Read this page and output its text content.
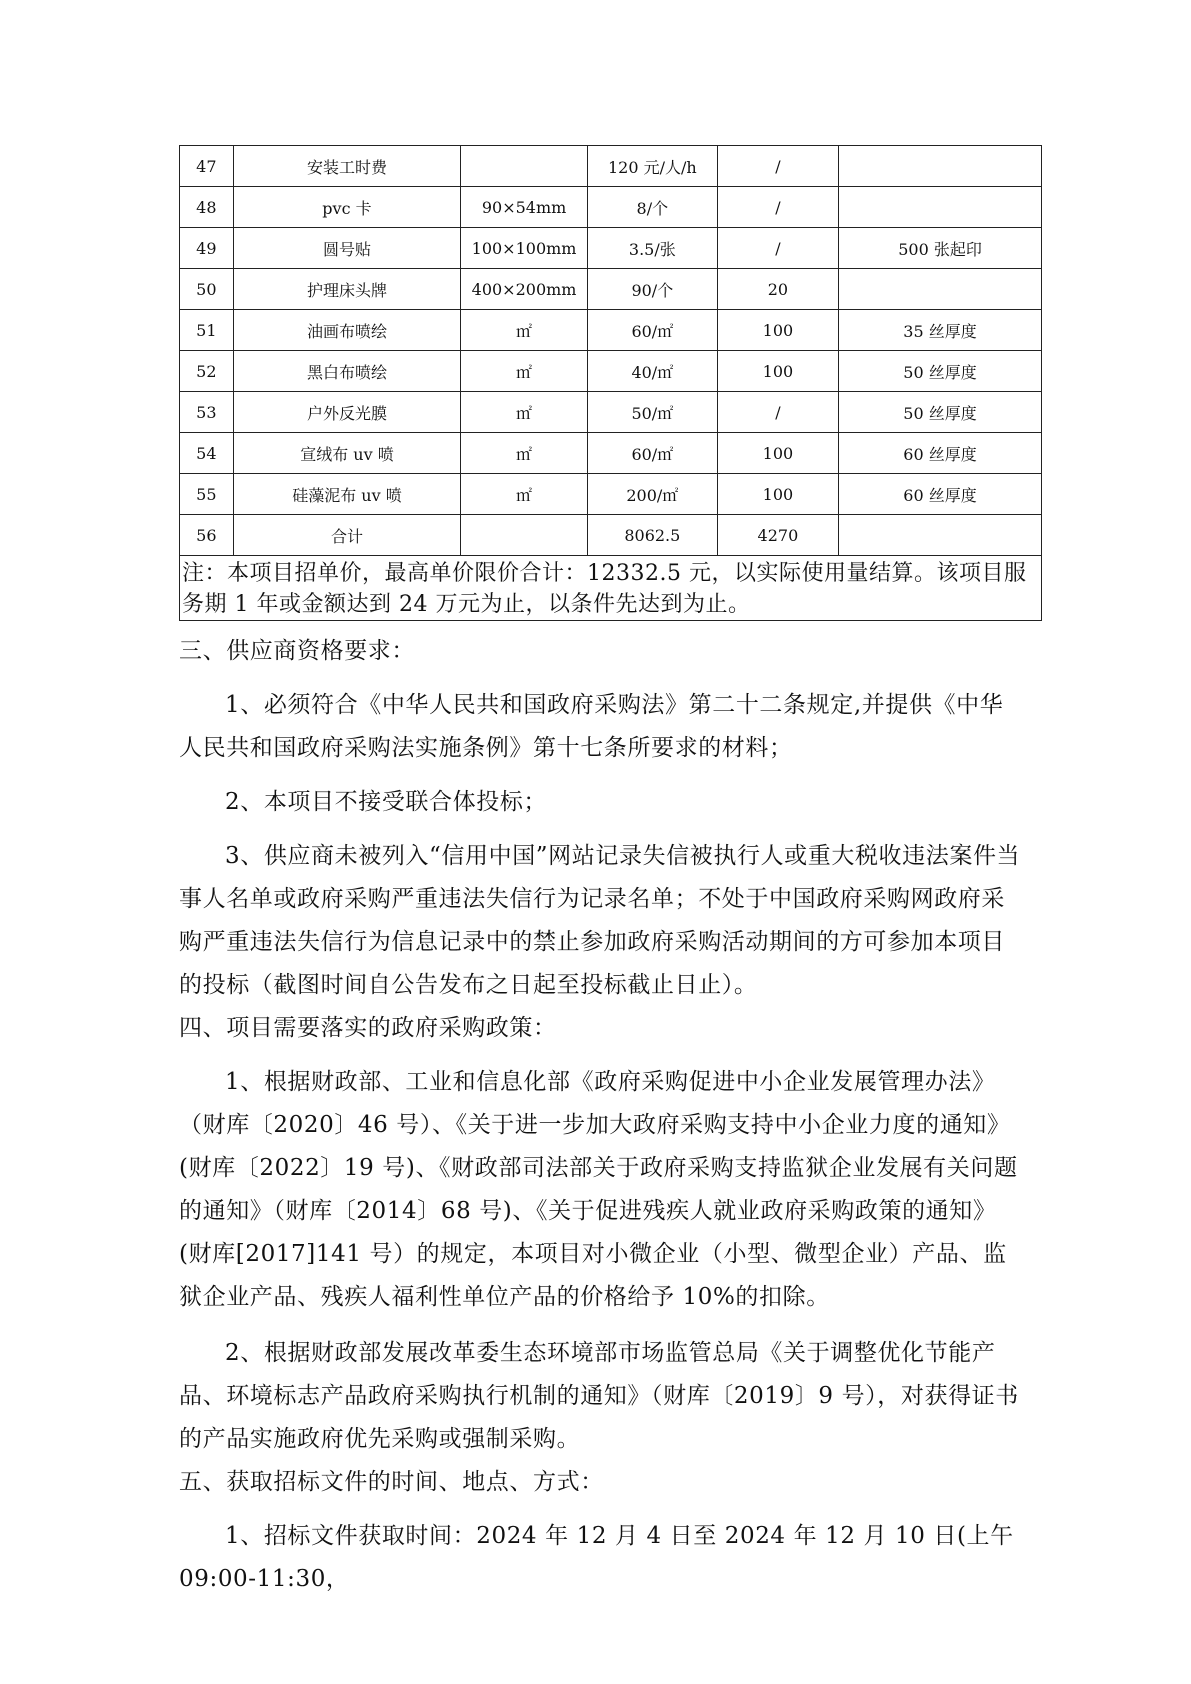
47	安装工时费		120 元/人/h	/	
48	pvc 卡	90×54mm	8/个	/	
49	圆号贴	100×100mm	3.5/张	/	500 张起印
50	护理床头牌	400×200mm	90/个	20	
51	油画布喷绘	㎡	60/㎡	100	35 丝厚度
52	黑白布喷绘	㎡	40/㎡	100	50 丝厚度
53	户外反光膜	㎡	50/㎡	/	50 丝厚度
54	宣绒布 uv 喷	㎡	60/㎡	100	60 丝厚度
55	硅藻泥布 uv 喷	㎡	200/㎡	100	60 丝厚度
56	合计		8062.5	4270	
注：本项目招单价，最高单价限价合计：12332.5 元，以实际使用量结算。该项目服务期 1 年或金额达到 24 万元为止，以条件先达到为止。					

三、供应商资格要求：

1、必须符合《中华人民共和国政府采购法》第二十二条规定,并提供《中华人民共和国政府采购法实施条例》第十七条所要求的材料；

2、本项目不接受联合体投标；

3、供应商未被列入“信用中国”网站记录失信被执行人或重大税收违法案件当事人名单或政府采购严重违法失信行为记录名单；不处于中国政府采购网政府采购严重违法失信行为信息记录中的禁止参加政府采购活动期间的方可参加本项目的投标（截图时间自公告发布之日起至投标截止日止）。

四、项目需要落实的政府采购政策：

1、根据财政部、工业和信息化部《政府采购促进中小企业发展管理办法》（财库〔2020〕46 号）、《关于进一步加大政府采购支持中小企业力度的通知》(财库〔2022〕19 号)、《财政部司法部关于政府采购支持监狱企业发展有关问题的通知》（财库〔2014〕68 号)、《关于促进残疾人就业政府采购政策的通知》(财库[2017]141 号）的规定，本项目对小微企业（小型、微型企业）产品、监狱企业产品、残疾人福利性单位产品的价格给予 10%的扣除。

2、根据财政部发展改革委生态环境部市场监管总局《关于调整优化节能产品、环境标志产品政府采购执行机制的通知》（财库〔2019〕9 号），对获得证书的产品实施政府优先采购或强制采购。

五、获取招标文件的时间、地点、方式：

1、招标文件获取时间：2024 年 12 月 4 日至 2024 年 12 月 10 日(上午 09:00-11:30，
